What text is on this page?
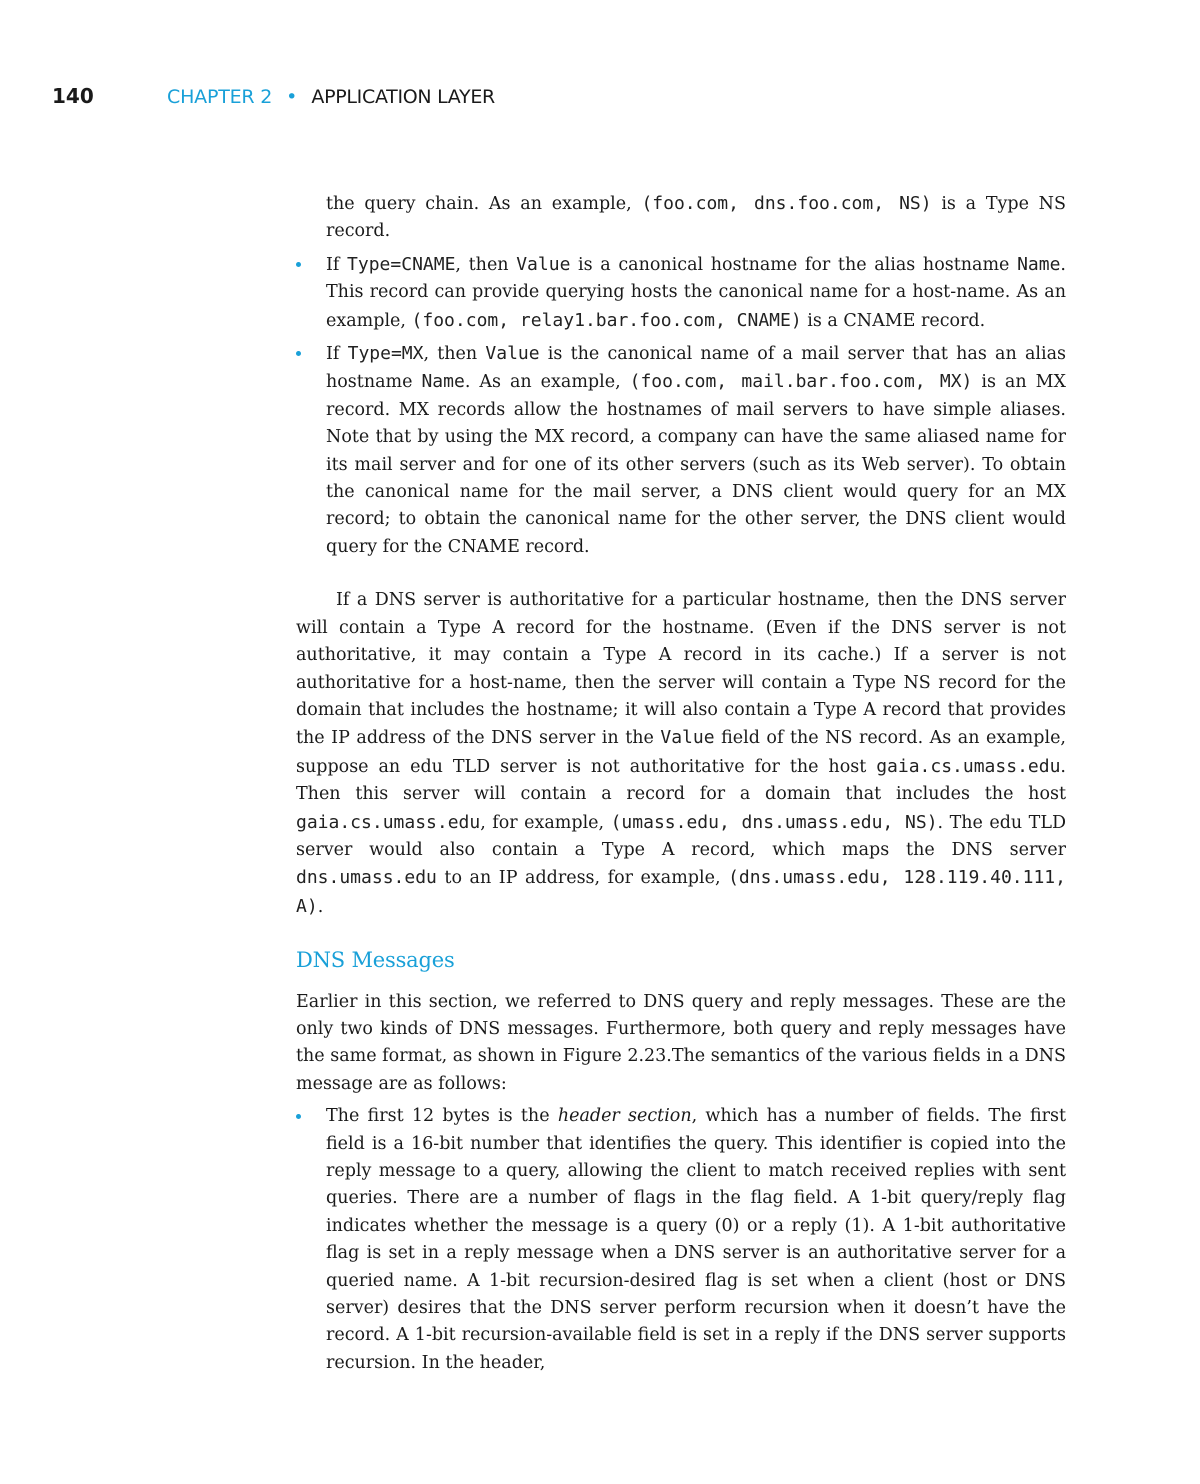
140	CHAPTER 2 • APPLICATION LAYER

the query chain. As an example, (foo.com, dns.foo.com, NS) is a Type NS record.

If Type=CNAME, then Value is a canonical hostname for the alias hostname Name. This record can provide querying hosts the canonical name for a host-name. As an example, (foo.com, relay1.bar.foo.com, CNAME) is a CNAME record.

If Type=MX, then Value is the canonical name of a mail server that has an alias hostname Name. As an example, (foo.com, mail.bar.foo.com, MX) is an MX record. MX records allow the hostnames of mail servers to have simple aliases. Note that by using the MX record, a company can have the same aliased name for its mail server and for one of its other servers (such as its Web server). To obtain the canonical name for the mail server, a DNS client would query for an MX record; to obtain the canonical name for the other server, the DNS client would query for the CNAME record.

If a DNS server is authoritative for a particular hostname, then the DNS server will contain a Type A record for the hostname. (Even if the DNS server is not authoritative, it may contain a Type A record in its cache.) If a server is not authoritative for a host-name, then the server will contain a Type NS record for the domain that includes the hostname; it will also contain a Type A record that provides the IP address of the DNS server in the Value field of the NS record. As an example, suppose an edu TLD server is not authoritative for the host gaia.cs.umass.edu. Then this server will contain a record for a domain that includes the host gaia.cs.umass.edu, for example, (umass.edu, dns.umass.edu, NS). The edu TLD server would also contain a Type A record, which maps the DNS server dns.umass.edu to an IP address, for example, (dns.umass.edu, 128.119.40.111, A).

DNS Messages

Earlier in this section, we referred to DNS query and reply messages. These are the only two kinds of DNS messages. Furthermore, both query and reply messages have the same format, as shown in Figure 2.23.The semantics of the various fields in a DNS message are as follows:

The first 12 bytes is the header section, which has a number of fields. The first field is a 16-bit number that identifies the query. This identifier is copied into the reply message to a query, allowing the client to match received replies with sent queries. There are a number of flags in the flag field. A 1-bit query/reply flag indicates whether the message is a query (0) or a reply (1). A 1-bit authoritative flag is set in a reply message when a DNS server is an authoritative server for a queried name. A 1-bit recursion-desired flag is set when a client (host or DNS server) desires that the DNS server perform recursion when it doesn’t have the record. A 1-bit recursion-available field is set in a reply if the DNS server supports recursion. In the header,
